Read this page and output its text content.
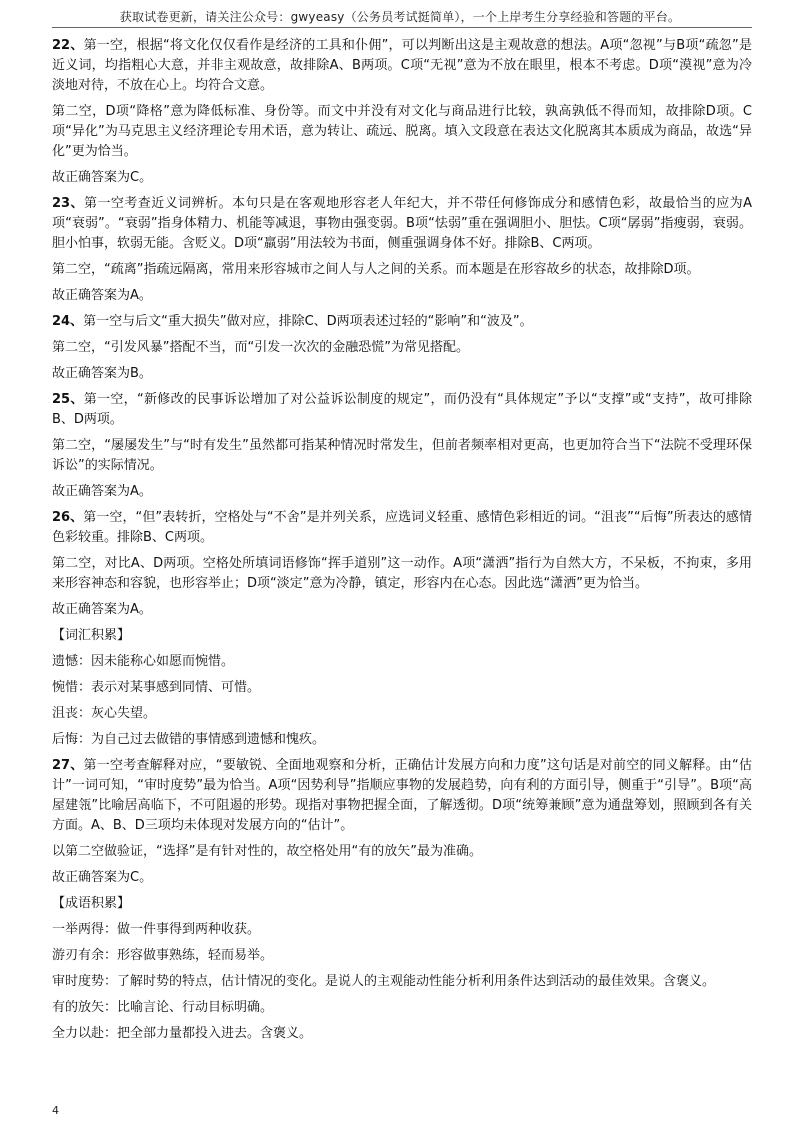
获取试卷更新，请关注公众号：gwyeasy（公务员考试挺简单），一个上岸考生分享经验和答题的平台。

22、第一空，根据“将文化仅仅看作是经济的工具和仆佣”，可以判断出这是主观故意的想法。A项“忽视”与B项“疏忽”是近义词，均指粗心大意，并非主观故意，故排除A、B两项。C项“无视”意为不放在眼里，根本不考虑。D项“漠视”意为冷淡地对待，不放在心上。均符合文意。

第二空，D项“降格”意为降低标准、身份等。而文中并没有对文化与商品进行比较，孰高孰低不得而知，故排除D项。C项“异化”为马克思主义经济理论专用术语，意为转让、疏远、脱离。填入文段意在表达文化脱离其本质成为商品，故选“异化”更为恰当。

故正确答案为C。

23、第一空考查近义词辨析。本句只是在客观地形容老人年纪大，并不带任何修饰成分和感情色彩，故最恰当的应为A项“衰弱”。“衰弱”指身体精力、机能等减退，事物由强变弱。B项“怯弱”重在强调胆小、胆怯。C项“孱弱”指瘦弱，衰弱。胆小怕事，软弱无能。含贬义。D项“羸弱”用法较为书面，侧重强调身体不好。排除B、C两项。

第二空，“疏离”指疏远隔离，常用来形容城市之间人与人之间的关系。而本题是在形容故乡的状态，故排除D项。

故正确答案为A。

24、第一空与后文“重大损失”做对应，排除C、D两项表述过轻的“影响”和“波及”。

第二空，“引发风暴”搭配不当，而“引发一次次的金融恐慌”为常见搭配。

故正确答案为B。

25、第一空，“新修改的民事诉讼增加了对公益诉讼制度的规定”，而仍没有“具体规定”予以“支撑”或“支持”，故可排除B、D两项。

第二空，“屡屡发生”与“时有发生”虽然都可指某种情况时常发生，但前者频率相对更高，也更加符合当下“法院不受理环保诉讼”的实际情况。

故正确答案为A。

26、第一空，“但”表转折，空格处与“不舍”是并列关系，应选词义轻重、感情色彩相近的词。“沮丧”“后悔”所表达的感情色彩较重。排除B、C两项。

第二空，对比A、D两项。空格处所填词语修饰“挥手道别”这一动作。A项“潇洒”指行为自然大方，不呆板，不拘束，多用来形容神态和容貌，也形容举止；D项“淡定”意为冷静，镇定，形容内在心态。因此选“潇洒”更为恰当。

故正确答案为A。

【词汇积累】

遗憾：因未能称心如愿而惋惜。

惋惜：表示对某事感到同情、可惜。

沮丧：灰心失望。

后悔：为自己过去做错的事情感到遗憾和愧疚。

27、第一空考查解释对应，“要敏锐、全面地观察和分析，正确估计发展方向和力度”这句话是对前空的同义解释。由“估计”一词可知，“审时度势”最为恰当。A项“因势利导”指顺应事物的发展趋势，向有利的方面引导，侧重于“引导”。B项“高屋建瓴”比喻居高临下，不可阻遏的形势。现指对事物把握全面，了解透彻。D项“统筹兼顾”意为通盘筹划，照顾到各有关方面。A、B、D三项均未体现对发展方向的“估计”。

以第二空做验证，“选择”是有针对性的，故空格处用“有的放矢”最为准确。

故正确答案为C。

【成语积累】

一举两得：做一件事得到两种收获。

游刃有余：形容做事熟练，轻而易举。

审时度势：了解时势的特点，估计情况的变化。是说人的主观能动性能分析利用条件达到活动的最佳效果。含褒义。

有的放矢：比喻言论、行动目标明确。

全力以赴：把全部力量都投入进去。含褒义。

4
